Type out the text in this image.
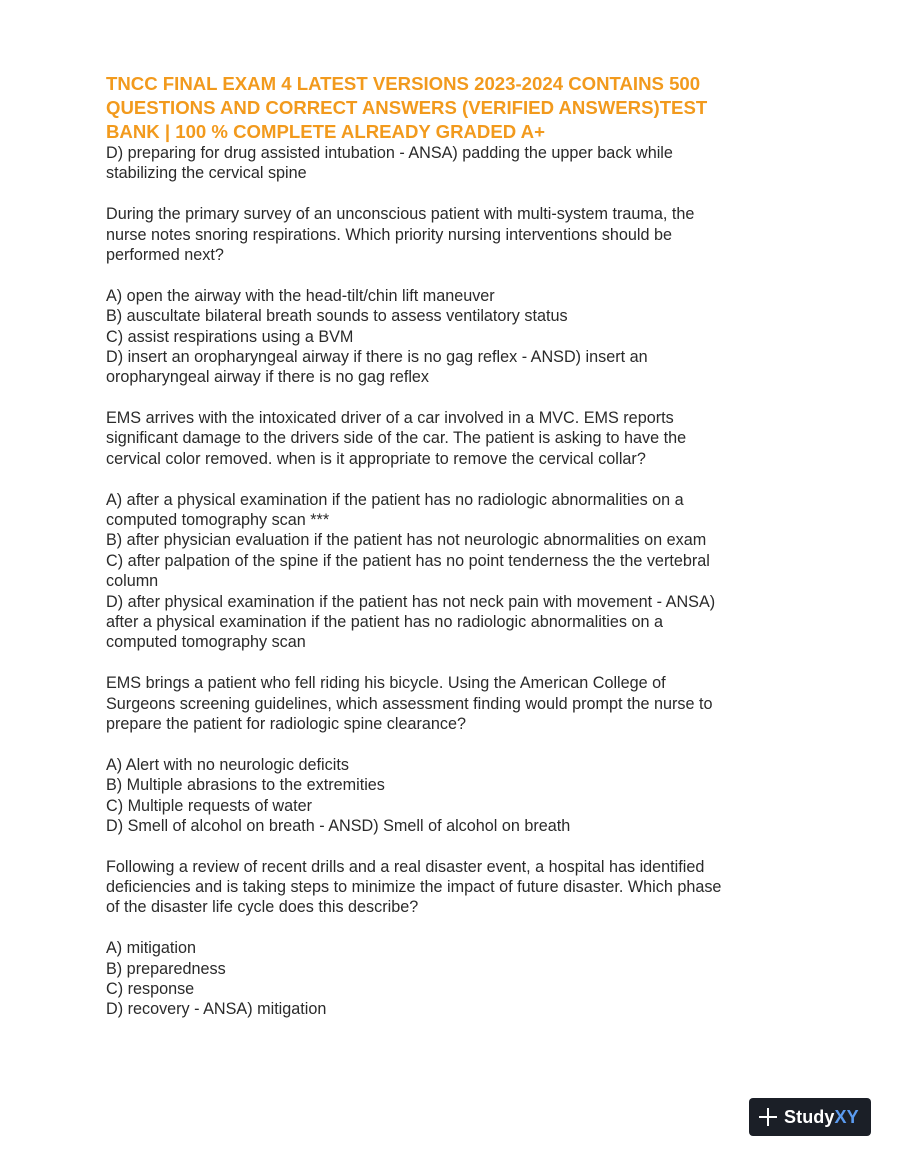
TNCC FINAL EXAM 4 LATEST VERSIONS 2023-2024 CONTAINS 500
QUESTIONS AND CORRECT ANSWERS (VERIFIED ANSWERS)TEST
BANK | 100 % COMPLETE ALREADY GRADED A+
D) preparing for drug assisted intubation - ANSA) padding the upper back while
stabilizing the cervical spine
During the primary survey of an unconscious patient with multi-system trauma, the
nurse notes snoring respirations. Which priority nursing interventions should be
performed next?
A) open the airway with the head-tilt/chin lift maneuver
B) auscultate bilateral breath sounds to assess ventilatory status
C) assist respirations using a BVM
D) insert an oropharyngeal airway if there is no gag reflex - ANSD) insert an
oropharyngeal airway if there is no gag reflex
EMS arrives with the intoxicated driver of a car involved in a MVC. EMS reports
significant damage to the drivers side of the car. The patient is asking to have the
cervical color removed. when is it appropriate to remove the cervical collar?
A) after a physical examination if the patient has no radiologic abnormalities on a
computed tomography scan ***
B) after physician evaluation if the patient has not neurologic abnormalities on exam
C) after palpation of the spine if the patient has no point tenderness the the vertebral
column
D) after physical examination if the patient has not neck pain with movement - ANSA)
after a physical examination if the patient has no radiologic abnormalities on a
computed tomography scan
EMS brings a patient who fell riding his bicycle. Using the American College of
Surgeons screening guidelines, which assessment finding would prompt the nurse to
prepare the patient for radiologic spine clearance?
A) Alert with no neurologic deficits
B) Multiple abrasions to the extremities
C) Multiple requests of water
D) Smell of alcohol on breath - ANSD) Smell of alcohol on breath
Following a review of recent drills and a real disaster event, a hospital has identified
deficiencies and is taking steps to minimize the impact of future disaster. Which phase
of the disaster life cycle does this describe?
A) mitigation
B) preparedness
C) response
D) recovery - ANSA) mitigation
StudyXY
